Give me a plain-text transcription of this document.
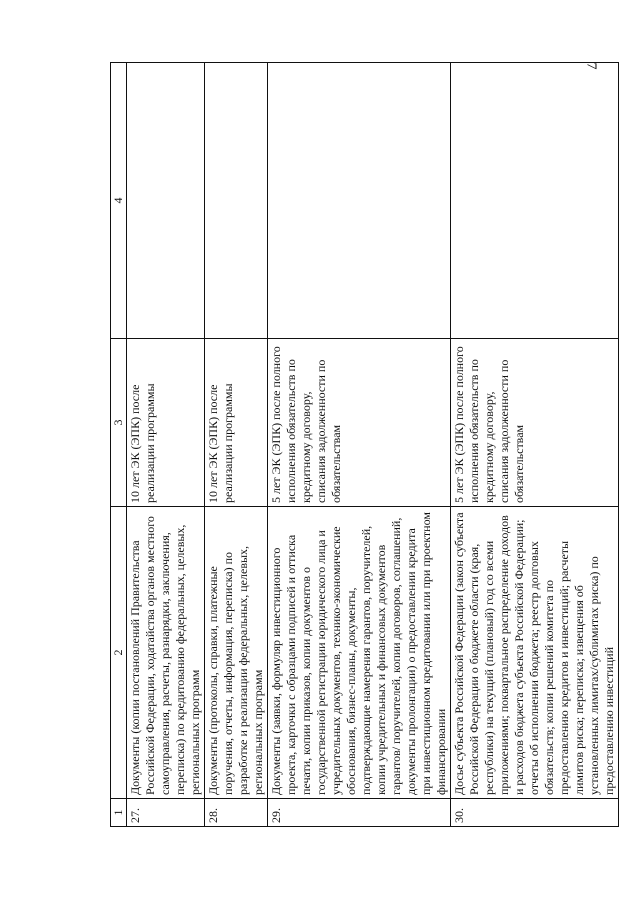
7
1	2	3	4
27.	Документы (копии постановлений Правительства Российской Федерации, ходатайства органов местного самоуправления, расчеты, разнарядки, заключения, переписка) по кредитованию федеральных, целевых, региональных программ	10 лет ЭК (ЭПК) после реализации программы	
28.	Документы (протоколы, справки, платежные поручения, отчеты, информация, переписка) по разработке и реализации федеральных, целевых, региональных программ	10 лет ЭК (ЭПК) после реализации программы	
29.	Документы (заявки, формуляр инвестиционного проекта, карточки с образцами подписей и оттиска печати, копии приказов, копии документов о государственной регистрации юридического лица и учредительных документов, технико-экономические обоснования, бизнес-планы, документы, подтверждающие намерения гарантов, поручителей, копии учредительных и финансовых документов гарантов/ поручителей, копии договоров, соглашений, документы пролонгации) о предоставлении кредита при инвестиционном кредитовании или при проектном финансировании	5 лет ЭК (ЭПК) после полного исполнения обязательств по кредитному договору, списания задолженности по обязательствам	
30.	Досье субъекта Российской Федерации (закон субъекта Российской Федерации о бюджете области (края, республики) на текущий (плановый) год со всеми приложениями; поквартальное распределение доходов и расходов бюджета субъекта Российской Федерации; отчеты об исполнении бюджета; реестр долговых обязательств; копии решений комитета по предоставлению кредитов и инвестиций; расчеты лимитов риска; переписка; извещения об установленных лимитах/сублимитах риска) по предоставлению инвестиций	5 лет ЭК (ЭПК) после полного исполнения обязательств по кредитному договору, списания задолженности по обязательствам	
